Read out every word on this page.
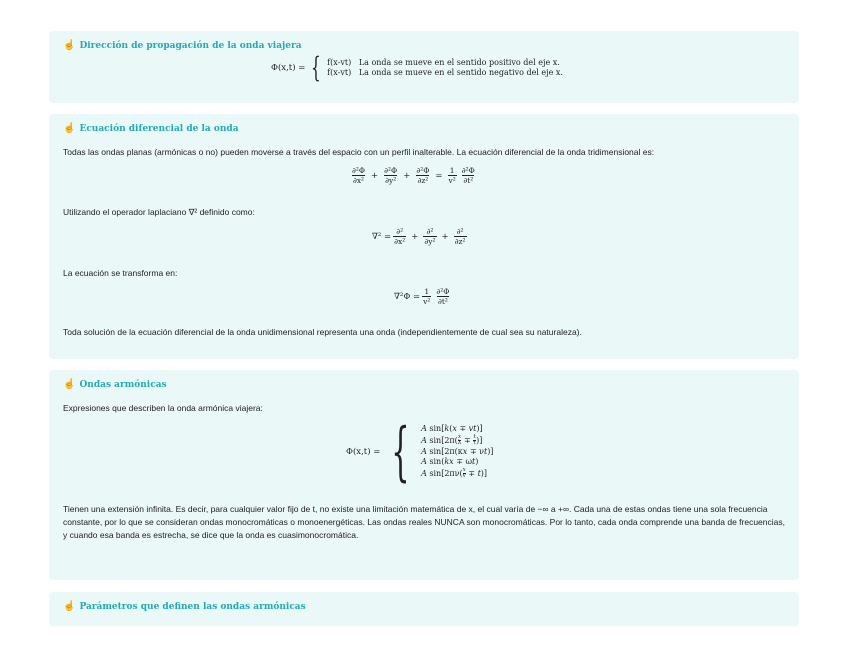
☝ Dirección de propagación de la onda viajera
Φ(x,t) = { f(x-vt) La onda se mueve en el sentido positivo del eje x.
f(x-vt) La onda se mueve en el sentido negativo del eje x.
☝ Ecuación diferencial de la onda
Todas las ondas planas (armónicas o no) pueden moverse a través del espacio con un perfil inalterable. La ecuación diferencial de la onda tridimensional es:
$\frac{\text{∂²Φ}}{\text{∂x²}} + \frac{\text{∂²Φ}}{\text{∂y²}} + \frac{\text{∂²Φ}}{\text{∂z²}} = \frac{1}{\text{v²}} \frac{\text{∂²Φ}}{\text{∂t²}}$
Utilizando el operador laplaciano ∇² definido como:
$\nabla^2 = \frac{\text{∂²}}{\text{∂x²}} + \frac{\text{∂²}}{\text{∂y²}} + \frac{\text{∂²}}{\text{∂z²}}$
La ecuación se transforma en:
$\nabla^2\Phi = \frac{1}{\text{v²}} \frac{\text{∂²Φ}}{\text{∂t²}}$
Toda solución de la ecuación diferencial de la onda unidimensional representa una onda (independientemente de cual sea su naturaleza).
☝ Ondas armónicas
Expresiones que describen la onda armónica viajera:
Φ(x,t) = { A sin[k(x ∓ vt)]
A $\sin[2\pi( \frac{x}{\lambda} \mp \frac{t}{\tau}$ )]
A sin[2π(κx ∓ νt)]
A sin(kx ∓ ωt)
A $\sin[2\pi\nu( \frac{x}{v} \mp t)]$
Tienen una extensión infinita. Es decir, para cualquier valor fijo de t, no existe una limitación matemática de x, el cual varía de −∞ a +∞. Cada una de estas ondas tiene una sola frecuencia constante, por lo que se consideran ondas monocromáticas o monoenergéticas. Las ondas reales NUNCA son monocromáticas. Por lo tanto, cada onda comprende una banda de frecuencias, y cuando esa banda es estrecha, se dice que la onda es cuasimonocromática.
☝ Parámetros que definen las ondas armónicas
